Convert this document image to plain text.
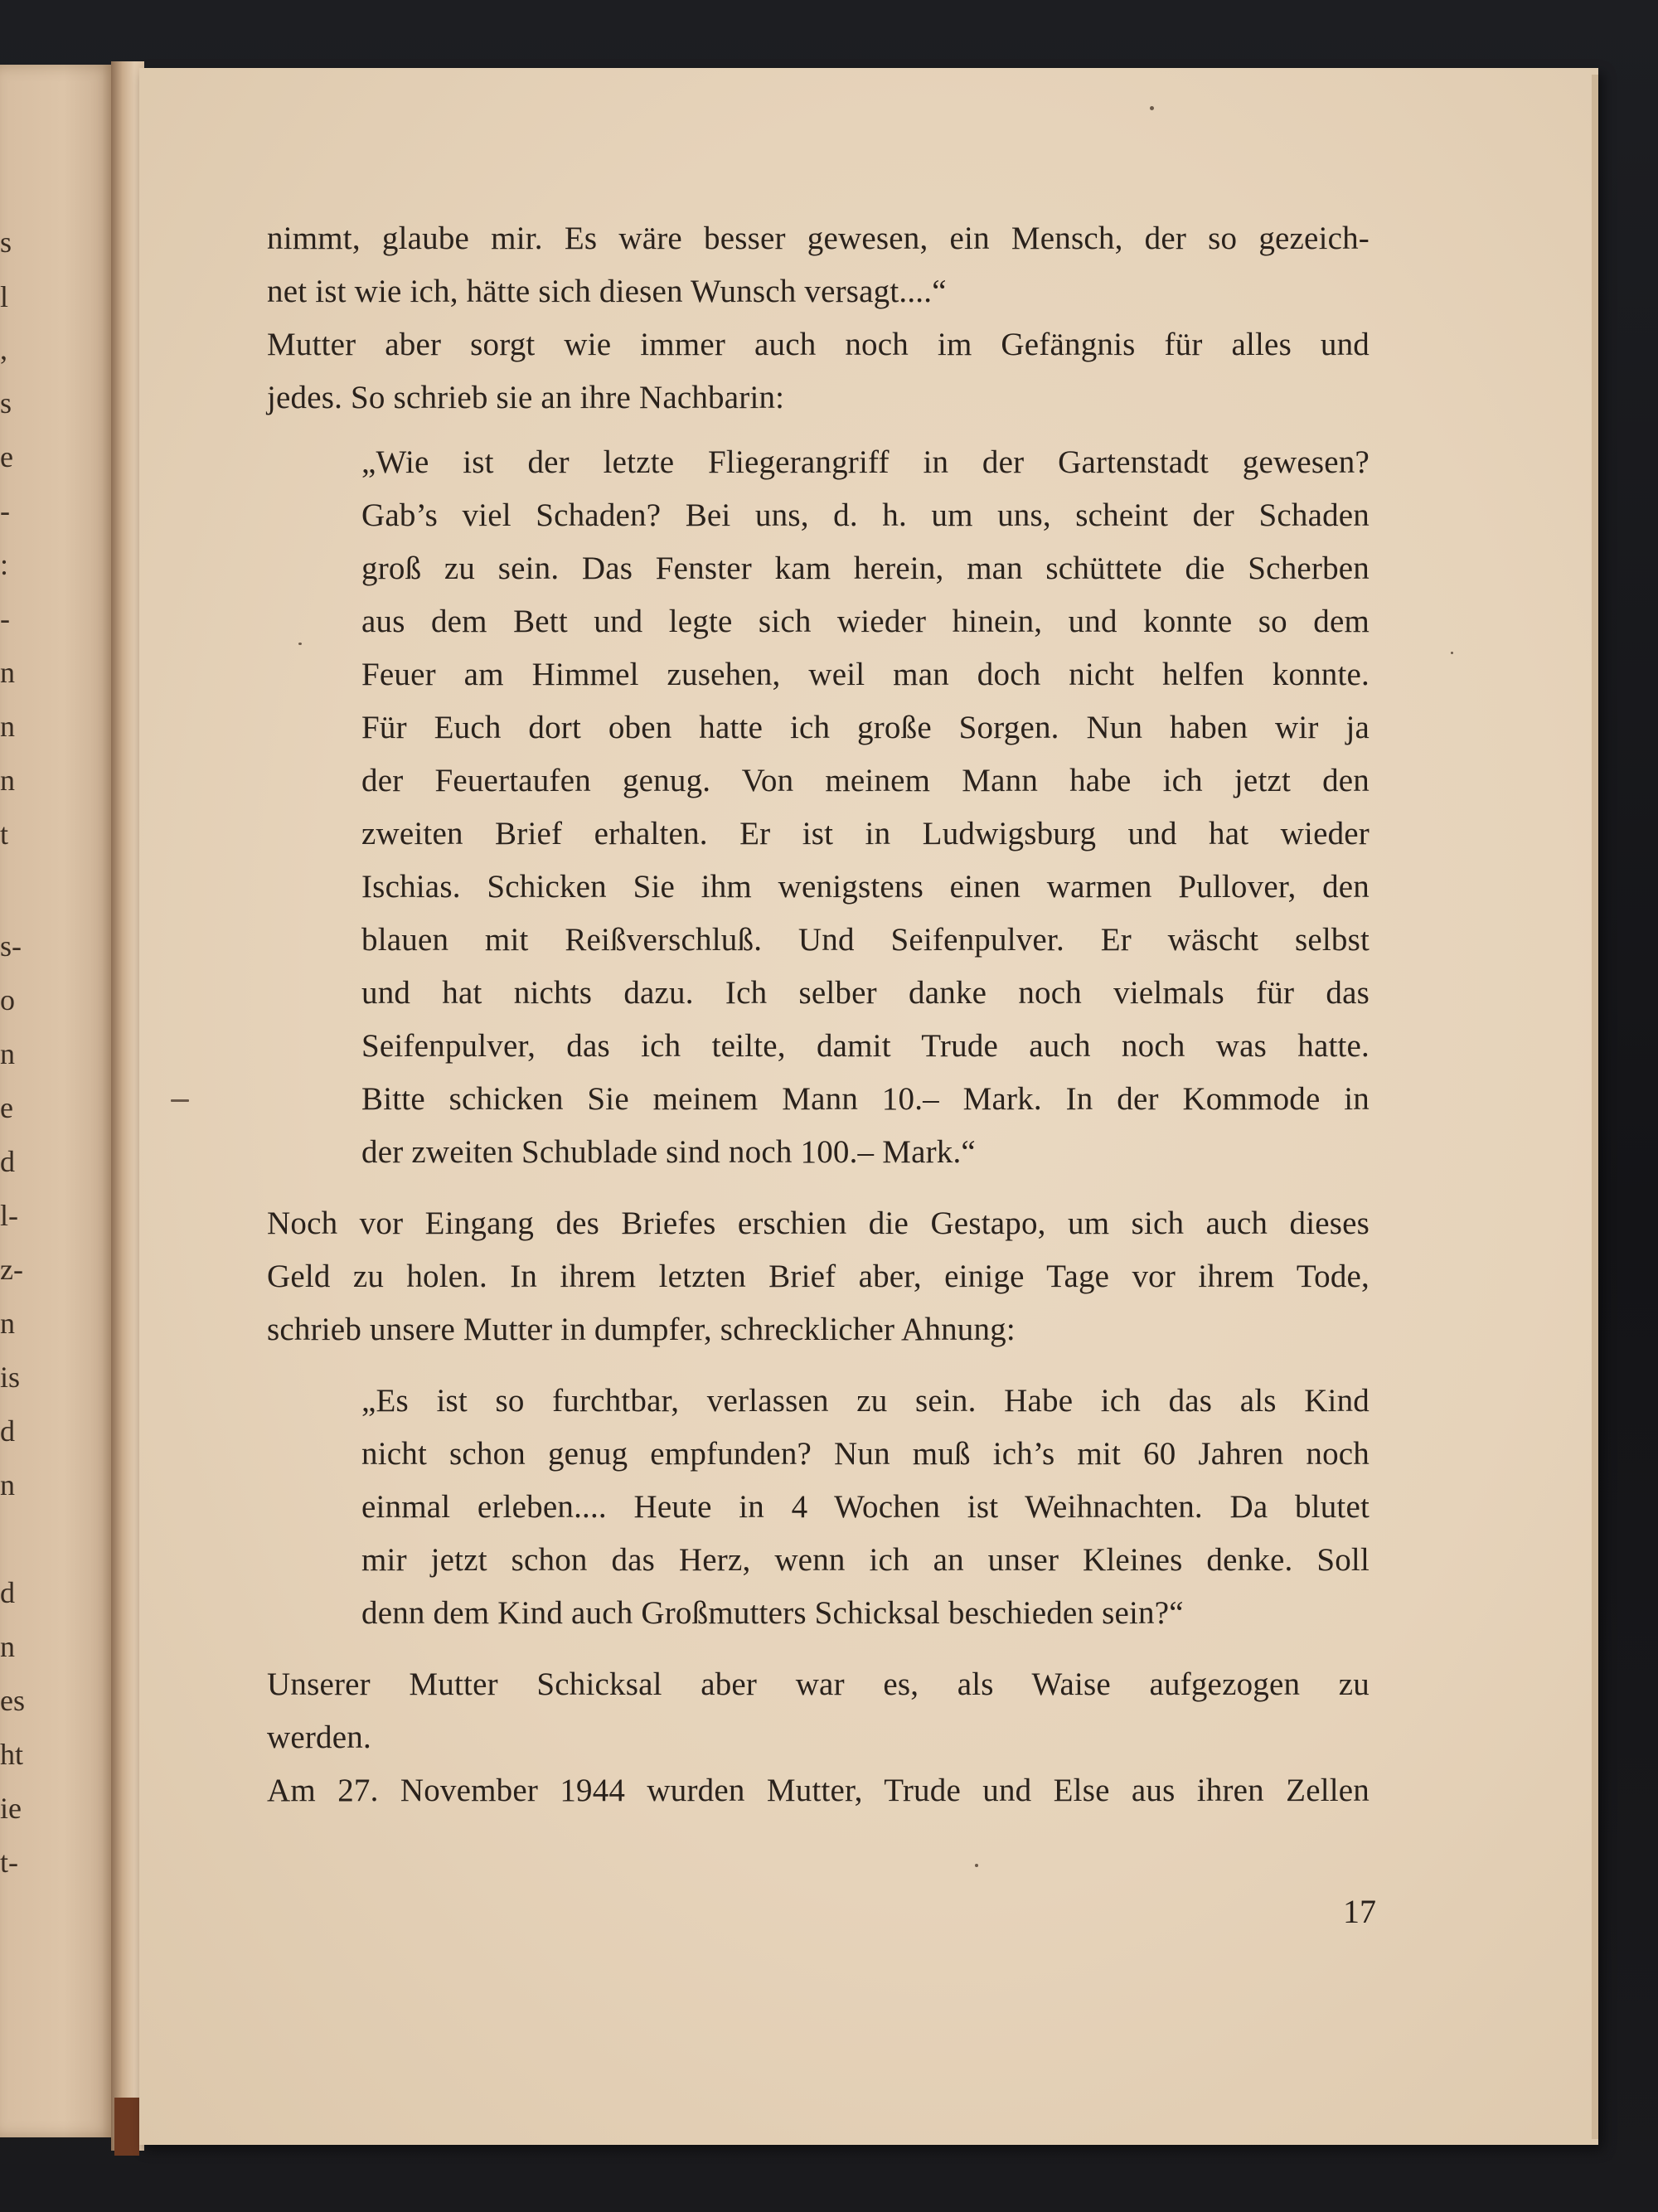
s
l
,
s
e
-
:
-
n
n
n
t
s-
o
n
e
d
l-
z-
n
is
d
n
d
n
es
ht
ie
t-
nimmt, glaube mir. Es wäre besser gewesen, ein Mensch, der so gezeich-
net ist wie ich, hätte sich diesen Wunsch versagt....“
Mutter aber sorgt wie immer auch noch im Gefängnis für alles und
jedes. So schrieb sie an ihre Nachbarin:
„Wie ist der letzte Fliegerangriff in der Gartenstadt gewesen?
Gab’s viel Schaden? Bei uns, d. h. um uns, scheint der Schaden
groß zu sein. Das Fenster kam herein, man schüttete die Scherben
aus dem Bett und legte sich wieder hinein, und konnte so dem
Feuer am Himmel zusehen, weil man doch nicht helfen konnte.
Für Euch dort oben hatte ich große Sorgen. Nun haben wir ja
der Feuertaufen genug. Von meinem Mann habe ich jetzt den
zweiten Brief erhalten. Er ist in Ludwigsburg und hat wieder
Ischias. Schicken Sie ihm wenigstens einen warmen Pullover, den
blauen mit Reißverschluß. Und Seifenpulver. Er wäscht selbst
und hat nichts dazu. Ich selber danke noch vielmals für das
Seifenpulver, das ich teilte, damit Trude auch noch was hatte.
Bitte schicken Sie meinem Mann 10.– Mark. In der Kommode in
der zweiten Schublade sind noch 100.– Mark.“
Noch vor Eingang des Briefes erschien die Gestapo, um sich auch dieses
Geld zu holen. In ihrem letzten Brief aber, einige Tage vor ihrem Tode,
schrieb unsere Mutter in dumpfer, schrecklicher Ahnung:
„Es ist so furchtbar, verlassen zu sein. Habe ich das als Kind
nicht schon genug empfunden? Nun muß ich’s mit 60 Jahren noch
einmal erleben.... Heute in 4 Wochen ist Weihnachten. Da blutet
mir jetzt schon das Herz, wenn ich an unser Kleines denke. Soll
denn dem Kind auch Großmutters Schicksal beschieden sein?“
Unserer Mutter Schicksal aber war es, als Waise aufgezogen zu
werden.
Am 27. November 1944 wurden Mutter, Trude und Else aus ihren Zellen
17
